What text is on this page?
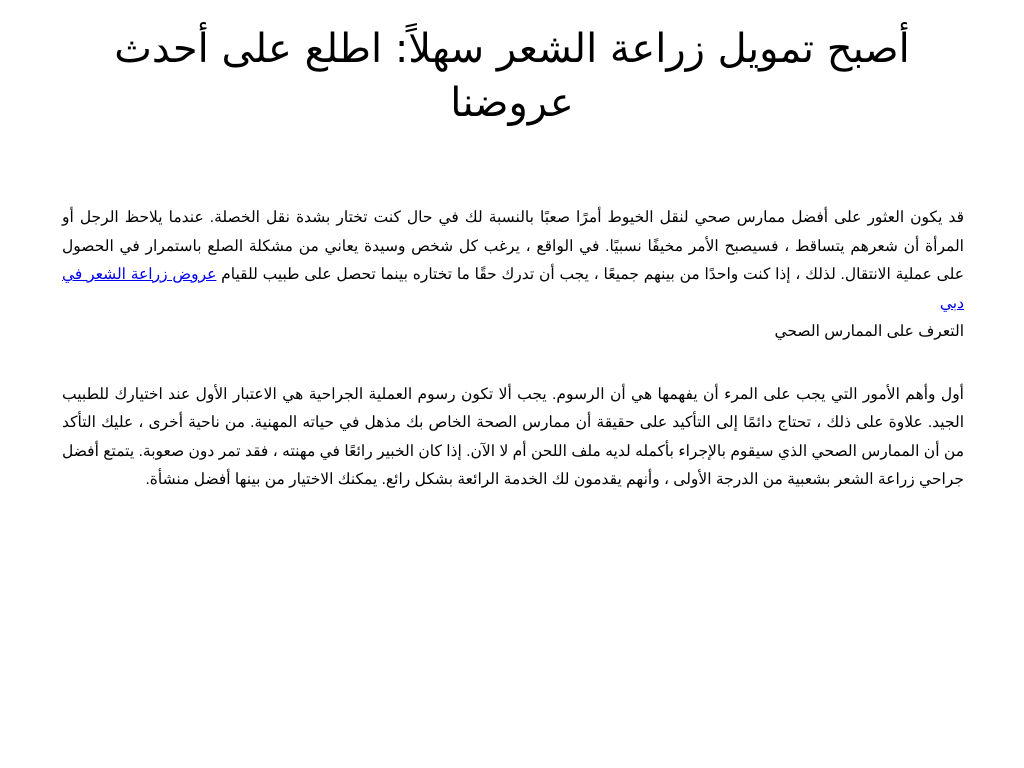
أصبح تمويل زراعة الشعر سهلاً: اطلع على أحدث
عروضنا

قد يكون العثور على أفضل ممارس صحي لنقل الخيوط أمرًا صعبًا بالنسبة لك في حال كنت تختار بشدة نقل الخصلة. عندما يلاحظ الرجل أو المرأة أن شعرهم يتساقط ، فسيصبح الأمر مخيفًا نسبيًا. في الواقع ، يرغب كل شخص وسيدة يعاني من مشكلة الصلع باستمرار في الحصول على عملية الانتقال. لذلك ، إذا كنت واحدًا من بينهم جميعًا ، يجب أن تدرك حقًا ما تختاره بينما تحصل على طبيب للقيام عروض زراعة الشعر في دبي

التعرف على الممارس الصحي

أول وأهم الأمور التي يجب على المرء أن يفهمها هي أن الرسوم. يجب ألا تكون رسوم العملية الجراحية هي الاعتبار الأول عند اختيارك للطبيب الجيد. علاوة على ذلك ، تحتاج دائمًا إلى التأكيد على حقيقة أن ممارس الصحة الخاص بك مذهل في حياته المهنية. من ناحية أخرى ، عليك التأكد من أن الممارس الصحي الذي سيقوم بالإجراء بأكمله لديه ملف اللحن أم لا الآن. إذا كان الخبير رائعًا في مهنته ، فقد تمر دون صعوبة. يتمتع أفضل جراحي زراعة الشعر بشعبية من الدرجة الأولى ، وأنهم يقدمون لك الخدمة الرائعة بشكل رائع. يمكنك الاختيار من بينها أفضل منشأة.
